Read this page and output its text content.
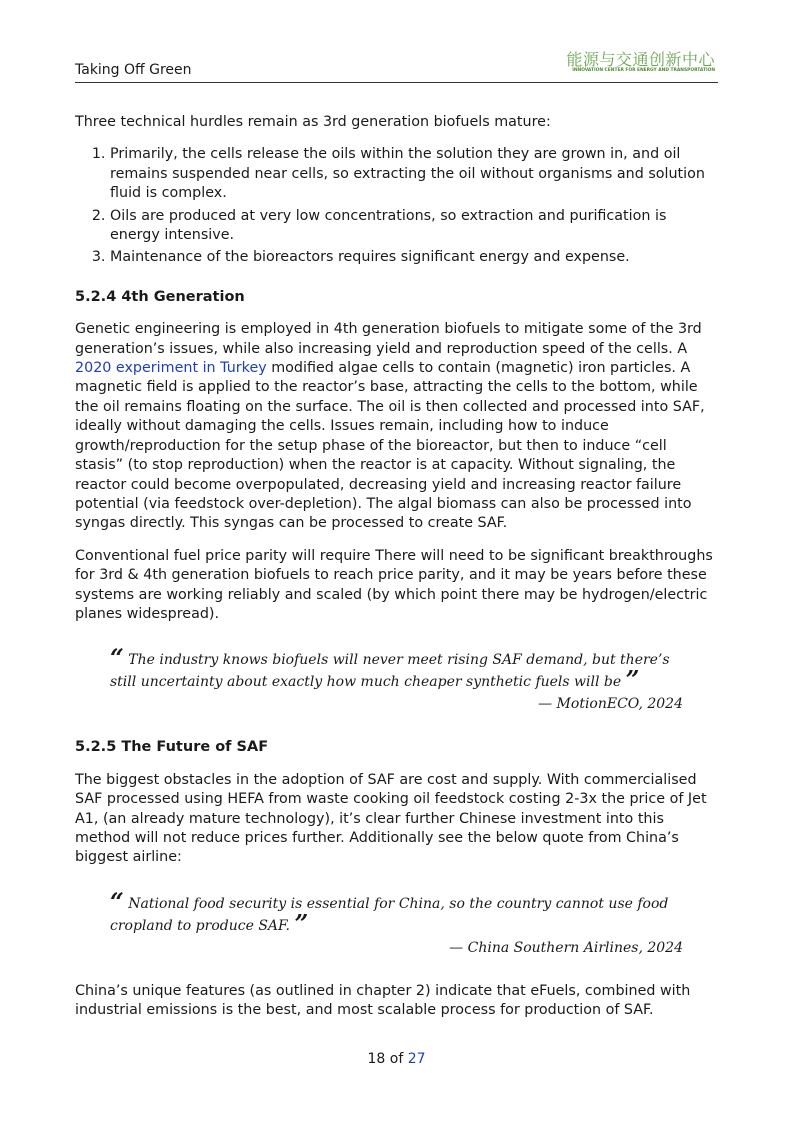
Taking Off Green
能源与交通创新中心
INNOVATION CENTER FOR ENERGY AND TRANSPORTATION

Three technical hurdles remain as 3rd generation biofuels mature:

1. Primarily, the cells release the oils within the solution they are grown in, and oil remains suspended near cells, so extracting the oil without organisms and solution fluid is complex.
2. Oils are produced at very low concentrations, so extraction and purification is energy intensive.
3. Maintenance of the bioreactors requires significant energy and expense.
5.2.4 4th Generation

Genetic engineering is employed in 4th generation biofuels to mitigate some of the 3rd generation’s issues, while also increasing yield and reproduction speed of the cells. A 2020 experiment in Turkey modified algae cells to contain (magnetic) iron particles. A magnetic field is applied to the reactor’s base, attracting the cells to the bottom, while the oil remains floating on the surface. The oil is then collected and processed into SAF, ideally without damaging the cells. Issues remain, including how to induce growth/reproduction for the setup phase of the bioreactor, but then to induce “cell stasis” (to stop reproduction) when the reactor is at capacity. Without signaling, the reactor could become overpopulated, decreasing yield and increasing reactor failure potential (via feedstock over-depletion). The algal biomass can also be processed into syngas directly. This syngas can be processed to create SAF.

Conventional fuel price parity will require There will need to be significant breakthroughs for 3rd & 4th generation biofuels to reach price parity, and it may be years before these systems are working reliably and scaled (by which point there may be hydrogen/electric planes widespread).

“ The industry knows biofuels will never meet rising SAF demand, but there’s still uncertainty about exactly how much cheaper synthetic fuels will be ”
— MotionECO, 2024
5.2.5 The Future of SAF

The biggest obstacles in the adoption of SAF are cost and supply. With commercialised SAF processed using HEFA from waste cooking oil feedstock costing 2-3x the price of Jet A1, (an already mature technology), it’s clear further Chinese investment into this method will not reduce prices further. Additionally see the below quote from China’s biggest airline:

“ National food security is essential for China, so the country cannot use food cropland to produce SAF. ”
— China Southern Airlines, 2024

China’s unique features (as outlined in chapter 2) indicate that eFuels, combined with industrial emissions is the best, and most scalable process for production of SAF.

18 of 27
